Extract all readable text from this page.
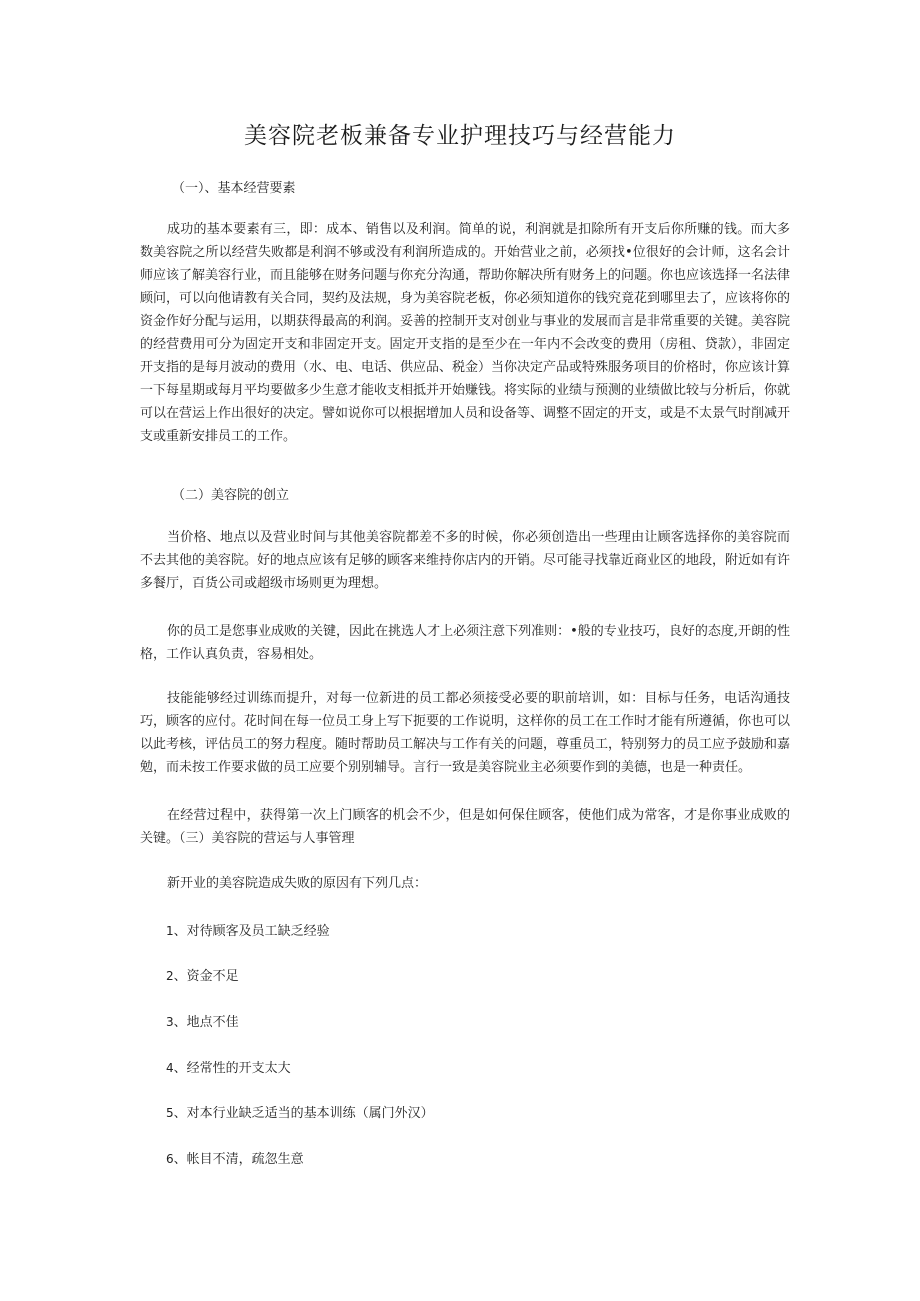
美容院老板兼备专业护理技巧与经营能力

（一）、基本经营要素

成功的基本要素有三，即：成本、销售以及利润。简单的说，利润就是扣除所有开支后你所赚的钱。而大多数美容院之所以经营失败都是利润不够或没有利润所造成的。开始营业之前，必须找•位很好的会计师，这名会计师应该了解美容行业，而且能够在财务问题与你充分沟通，帮助你解决所有财务上的问题。你也应该选择一名法律顾问，可以向他请教有关合同，契约及法规，身为美容院老板，你必须知道你的钱究竟花到哪里去了，应该将你的资金作好分配与运用，以期获得最高的利润。妥善的控制开支对创业与事业的发展而言是非常重要的关键。美容院的经营费用可分为固定开支和非固定开支。固定开支指的是至少在一年内不会改变的费用（房租、贷款），非固定开支指的是每月波动的费用（水、电、电话、供应品、税金）当你决定产品或特殊服务项目的价格时，你应该计算一下每星期或每月平均要做多少生意才能收支相抵并开始赚钱。将实际的业绩与预测的业绩做比较与分析后，你就可以在营运上作出很好的决定。譬如说你可以根据增加人员和设备等、调整不固定的开支，或是不太景气时削减开支或重新安排员工的工作。

（二）美容院的创立

当价格、地点以及营业时间与其他美容院都差不多的时候，你必须创造出一些理由让顾客选择你的美容院而不去其他的美容院。好的地点应该有足够的顾客来维持你店内的开销。尽可能寻找靠近商业区的地段，附近如有许多餐厅，百货公司或超级市场则更为理想。

你的员工是您事业成败的关键，因此在挑选人才上必须注意下列准则：•般的专业技巧，良好的态度,开朗的性格，工作认真负责，容易相处。

技能能够经过训练而提升，对每一位新进的员工都必须接受必要的职前培训，如：目标与任务，电话沟通技巧，顾客的应付。花时间在每一位员工身上写下扼要的工作说明，这样你的员工在工作时才能有所遵循，你也可以以此考核，评估员工的努力程度。随时帮助员工解决与工作有关的问题，尊重员工，特别努力的员工应予鼓励和嘉勉，而未按工作要求做的员工应要个别别辅导。言行一致是美容院业主必须要作到的美德，也是一种责任。

在经营过程中，获得第一次上门顾客的机会不少，但是如何保住顾客，使他们成为常客，才是你事业成败的关键。（三）美容院的营运与人事管理

新开业的美容院造成失败的原因有下列几点：

1、对待顾客及员工缺乏经验

2、资金不足

3、地点不佳

4、经常性的开支太大

5、对本行业缺乏适当的基本训练（属门外汉）

6、帐目不清，疏忽生意
